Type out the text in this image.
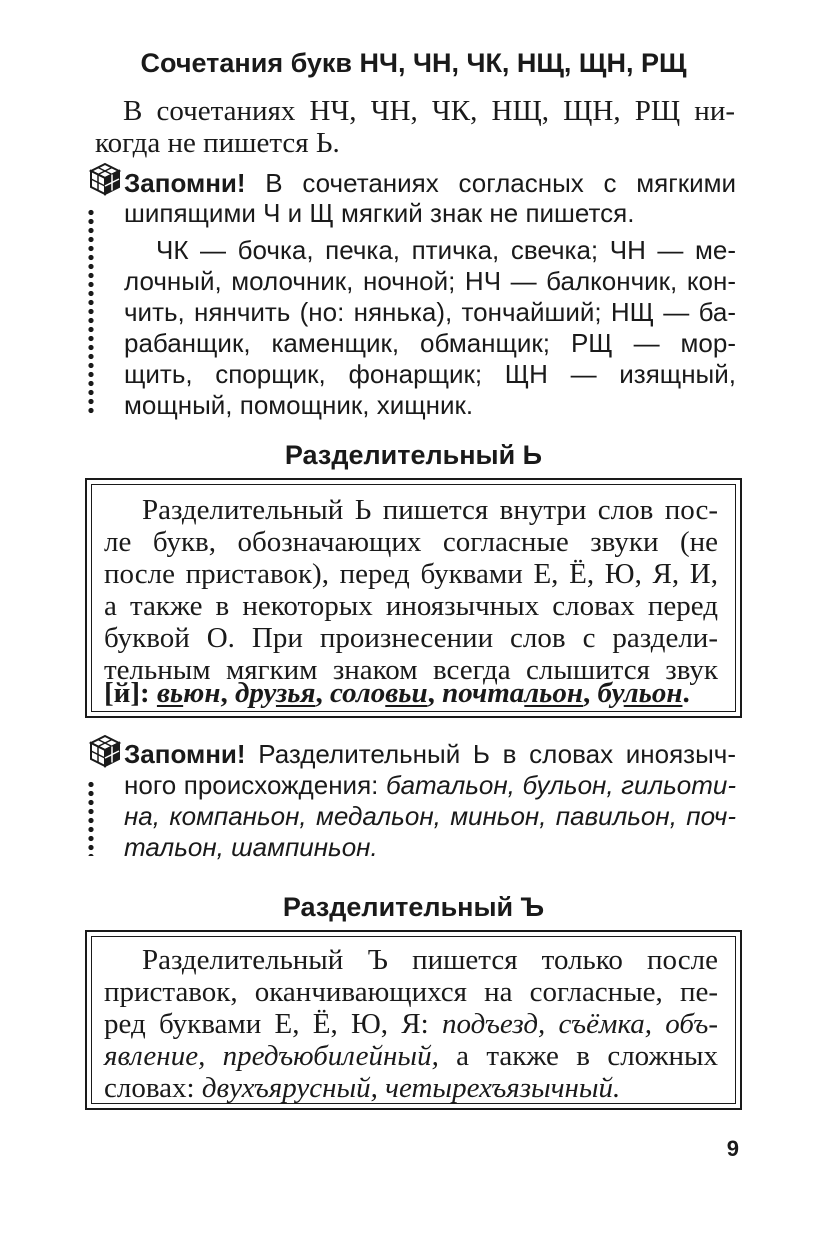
Сочетания букв НЧ, ЧН, ЧК, НЩ, ЩН, РЩ
В сочетаниях НЧ, ЧН, ЧК, НЩ, ЩН, РЩ ни-
когда не пишется Ь.
Запомни! В сочетаниях согласных с мягкими
шипящими Ч и Щ мягкий знак не пишется.
ЧК — бочка, печка, птичка, свечка; ЧН — ме-
лочный, молочник, ночной; НЧ — балкончик, кон-
чить, нянчить (но: нянька), тончайший; НЩ — ба-
рабанщик, каменщик, обманщик; РЩ — мор-
щить, спорщик, фонарщик; ЩН — изящный,
мощный, помощник, хищник.
Разделительный Ь
Разделительный Ь пишется внутри слов пос-
ле букв, обозначающих согласные звуки (не
после приставок), перед буквами Е, Ё, Ю, Я, И,
а также в некоторых иноязычных словах перед
буквой О. При произнесении слов с раздели-
тельным мягким знаком всегда слышится звук
[й]: вьюн, друзья, соловьи, почтальон, бульон.
Запомни! Разделительный Ь в словах иноязыч-
ного происхождения: батальон, бульон, гильоти-
на, компаньон, медальон, миньон, павильон, поч-
тальон, шампиньон.
Разделительный Ъ
Разделительный Ъ пишется только после
приставок, оканчивающихся на согласные, пе-
ред буквами Е, Ё, Ю, Я: подъезд, съёмка, объ-
явление, предъюбилейный, а также в сложных
словах: двухъярусный, четырехъязычный.
9
